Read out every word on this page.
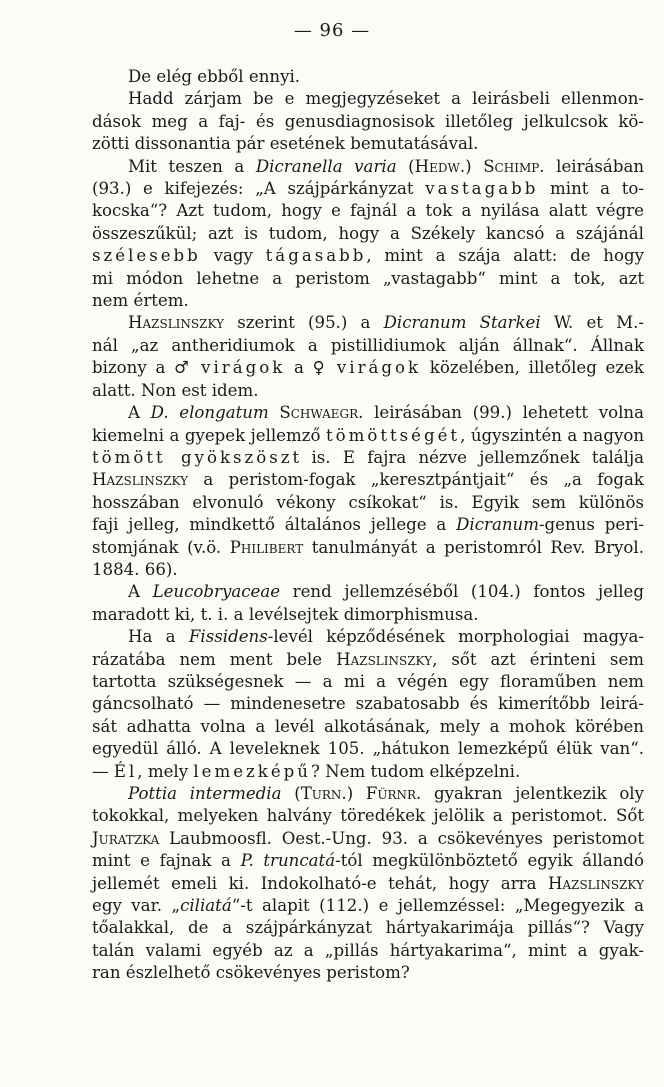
— 96 —
De elég ebből ennyi.
Hadd zárjam be e megjegyzéseket a leirásbeli ellenmon-
dások meg a faj- és genusdiagnosisok illetőleg jelkulcsok kö-
zötti dissonantia pár esetének bemutatásával.
Mit teszen a Dicranella varia (Hedw.) Schimp. leirásában
(93.) e kifejezés: „A szájpárkányzat vastagabb mint a to-
kocska“? Azt tudom, hogy e fajnál a tok a nyilása alatt végre
összeszűkül; azt is tudom, hogy a Székely kancsó a szájánál
szélesebb vagy tágasabb, mint a szája alatt: de hogy
mi módon lehetne a peristom „vastagabb“ mint a tok, azt
nem értem.
Hazslinszky szerint (95.) a Dicranum Starkei W. et M.-
nál „az antheridiumok a pistillidiumok alján állnak“. Állnak
bizony a ♂ virágok a ♀ virágok közelében, illetőleg ezek
alatt. Non est idem.
A D. elongatum Schwaegr. leirásában (99.) lehetett volna
kiemelni a gyepek jellemző tömöttségét, úgyszintén a nagyon
tömött gyökszöszt is. E fajra nézve jellemzőnek találja
Hazslinszky a peristom-fogak „keresztpántjait“ és „a fogak
hosszában elvonuló vékony csíkokat“ is. Egyik sem különös
faji jelleg, mindkettő általános jellege a Dicranum-genus peri-
stomjának (v.ö. Philibert tanulmányát a peristomról Rev. Bryol.
1884. 66).
A Leucobryaceae rend jellemzéséből (104.) fontos jelleg
maradott ki, t. i. a levélsejtek dimorphismusa.
Ha a Fissidens-levél képződésének morphologiai magya-
rázatába nem ment bele Hazslinszky, sőt azt érinteni sem
tartotta szükségesnek — a mi a végén egy floraműben nem
gáncsolható — mindenesetre szabatosabb és kimerítőbb leirá-
sát adhatta volna a levél alkotásának, mely a mohok körében
egyedül álló. A leveleknek 105. „hátukon lemezképű élük van“.
— Él, mely lemezképű? Nem tudom elképzelni.
Pottia intermedia (Turn.) Fürnr. gyakran jelentkezik oly
tokokkal, melyeken halvány töredékek jelölik a peristomot. Sőt
Juratzka Laubmoosfl. Oest.-Ung. 93. a csökevényes peristomot
mint e fajnak a P. truncatá-tól megkülönböztető egyik állandó
jellemét emeli ki. Indokolható-e tehát, hogy arra Hazslinszky
egy var. „ciliatá“-t alapit (112.) e jellemzéssel: „Megegyezik a
tőalakkal, de a szájpárkányzat hártyakarimája pillás“? Vagy
talán valami egyéb az a „pillás hártyakarima“, mint a gyak-
ran észlelhető csökevényes peristom?
